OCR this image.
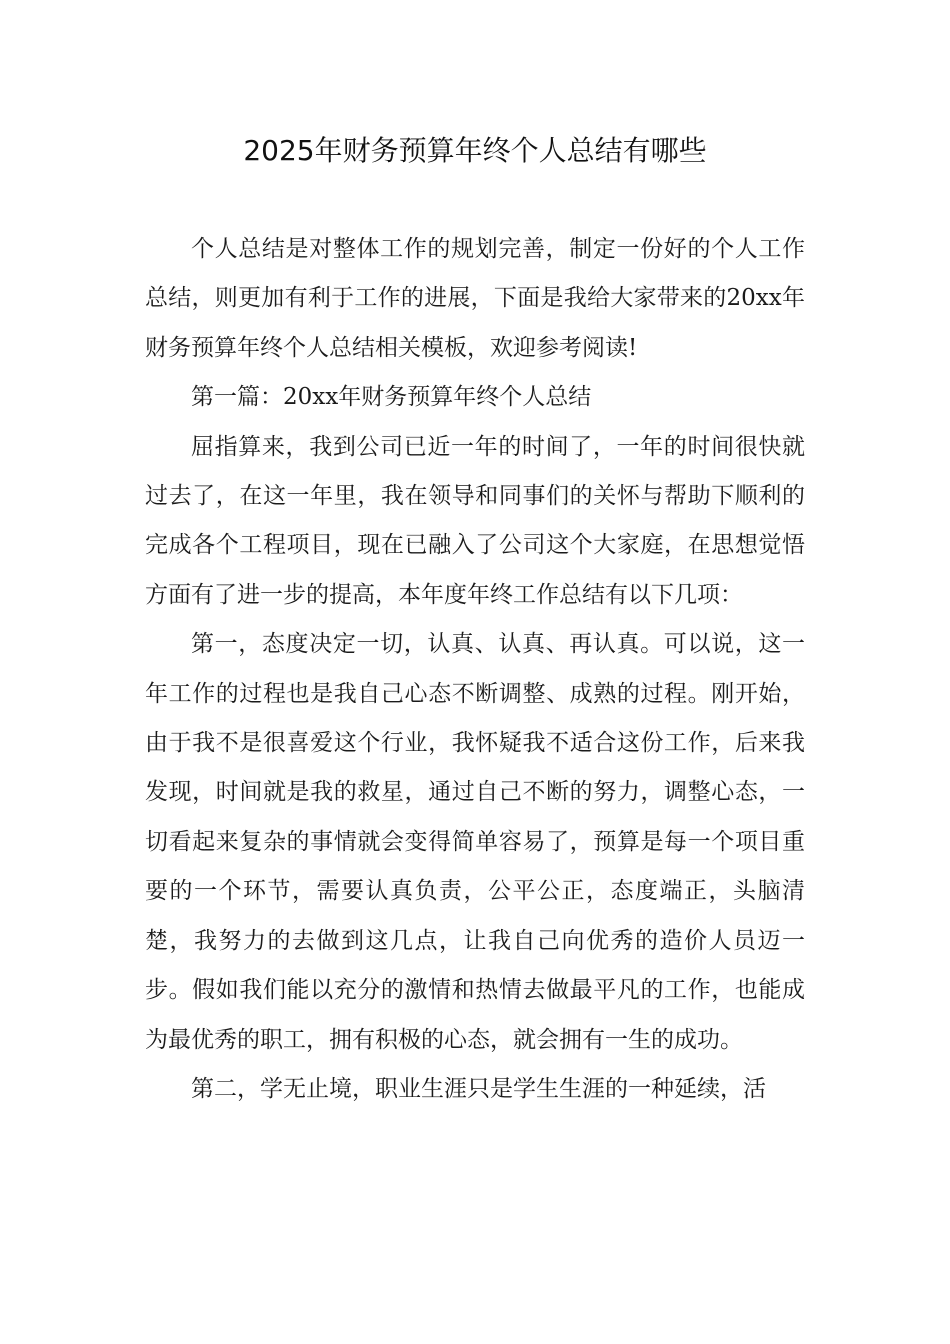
2025年财务预算年终个人总结有哪些

个人总结是对整体工作的规划完善，制定一份好的个人工作总结，则更加有利于工作的进展，下面是我给大家带来的20xx年财务预算年终个人总结相关模板，欢迎参考阅读!

第一篇：20xx年财务预算年终个人总结

屈指算来，我到公司已近一年的时间了，一年的时间很快就过去了，在这一年里，我在领导和同事们的关怀与帮助下顺利的完成各个工程项目，现在已融入了公司这个大家庭，在思想觉悟方面有了进一步的提高，本年度年终工作总结有以下几项：

第一，态度决定一切，认真、认真、再认真。可以说，这一年工作的过程也是我自己心态不断调整、成熟的过程。刚开始，由于我不是很喜爱这个行业，我怀疑我不适合这份工作，后来我发现，时间就是我的救星，通过自己不断的努力，调整心态，一切看起来复杂的事情就会变得简单容易了，预算是每一个项目重要的一个环节，需要认真负责，公平公正，态度端正，头脑清楚，我努力的去做到这几点，让我自己向优秀的造价人员迈一步。假如我们能以充分的激情和热情去做最平凡的工作，也能成为最优秀的职工，拥有积极的心态，就会拥有一生的成功。

第二，学无止境，职业生涯只是学生生涯的一种延续，活
